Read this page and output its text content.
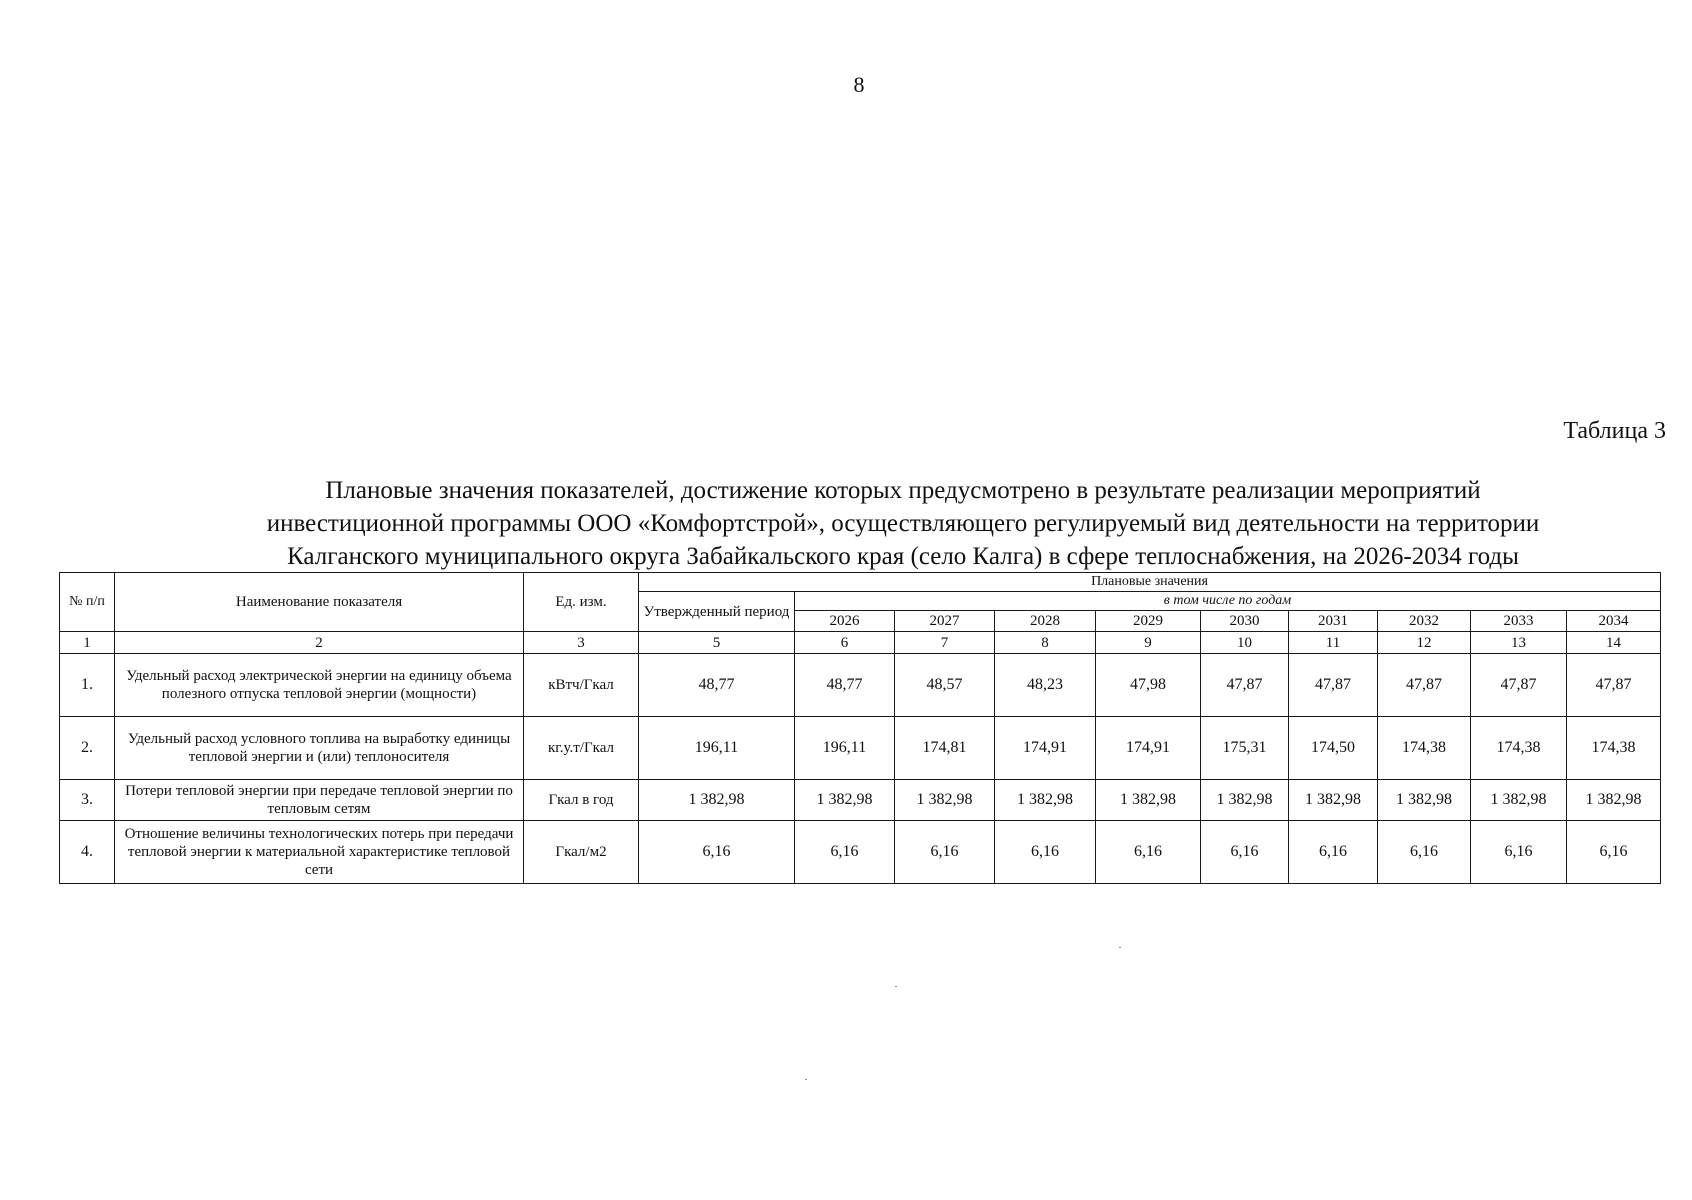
8
Таблица 3
Плановые значения показателей, достижение которых предусмотрено в результате реализации мероприятий
инвестиционной программы ООО «Комфортстрой», осуществляющего регулируемый вид деятельности на территории
Калганского муниципального округа Забайкальского края (село Калга) в сфере теплоснабжения, на 2026-2034 годы
№ п/п	Наименование показателя	Ед. изм.	Плановые значения									
			Утвержденный период	в том числе по годам								
				2026	2027	2028	2029	2030	2031	2032	2033	2034
1	2	3	5	6	7	8	9	10	11	12	13	14
1.	Удельный расход электрической энергии на единицу объема полезного отпуска тепловой энергии (мощности)	кВтч/Гкал	48,77	48,77	48,57	48,23	47,98	47,87	47,87	47,87	47,87	47,87
2.	Удельный расход условного топлива на выработку единицы тепловой энергии и (или) теплоносителя	кг.у.т/Гкал	196,11	196,11	174,81	174,91	174,91	175,31	174,50	174,38	174,38	174,38
3.	Потери тепловой энергии при передаче тепловой энергии по тепловым сетям	Гкал в год	1 382,98	1 382,98	1 382,98	1 382,98	1 382,98	1 382,98	1 382,98	1 382,98	1 382,98	1 382,98
4.	Отношение величины технологических потерь при передачи тепловой энергии к материальной характеристике тепловой сети	Гкал/м2	6,16	6,16	6,16	6,16	6,16	6,16	6,16	6,16	6,16	6,16
